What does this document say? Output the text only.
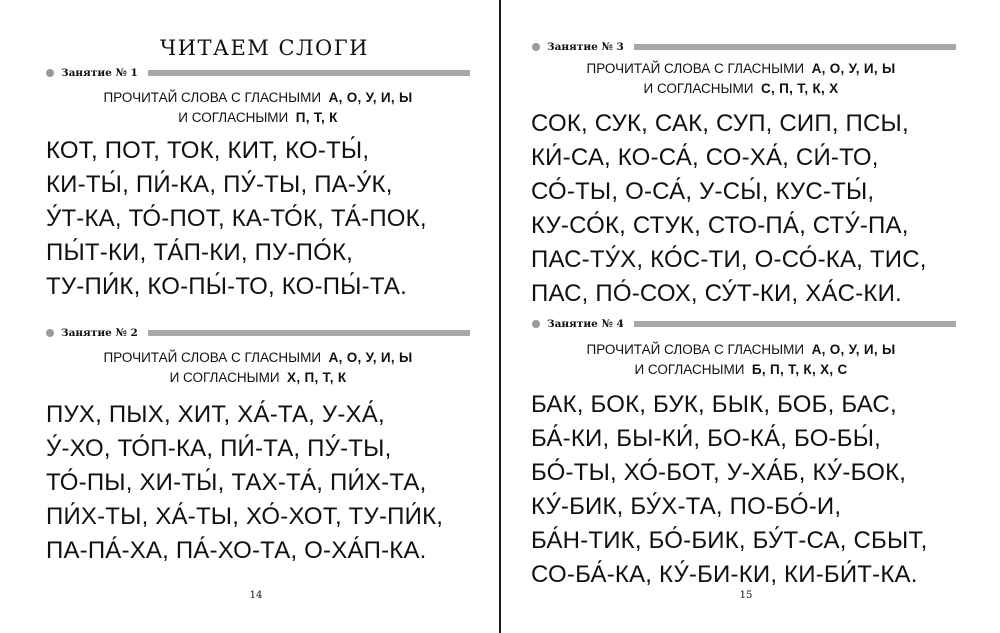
ЧИТАЕМ СЛОГИ
Занятие № 1
ПРОЧИТАЙ СЛОВА С ГЛАСНЫМИ А, О, У, И, Ы
И СОГЛАСНЫМИ П, Т, К
КОТ, ПОТ, ТОК, КИТ, КО-ТЫ́,
КИ-ТЫ́, ПИ́-КА, ПУ́-ТЫ, ПА-У́К,
У́Т-КА, ТО́-ПОТ, КА-ТО́К, ТА́-ПОК,
ПЫ́Т-КИ, ТА́П-КИ, ПУ-ПО́К,
ТУ-ПИ́К, КО-ПЫ́-ТО, КО-ПЫ́-ТА.
Занятие № 2
ПРОЧИТАЙ СЛОВА С ГЛАСНЫМИ А, О, У, И, Ы
И СОГЛАСНЫМИ Х, П, Т, К
ПУХ, ПЫХ, ХИТ, ХА́-ТА, У-ХА́,
У́-ХО, ТО́П-КА, ПИ́-ТА, ПУ́-ТЫ,
ТО́-ПЫ, ХИ-ТЫ́, ТАХ-ТА́, ПИ́Х-ТА,
ПИ́Х-ТЫ, ХА́-ТЫ, ХО́-ХОТ, ТУ-ПИ́К,
ПА-ПА́-ХА, ПА́-ХО-ТА, О-ХА́П-КА.
14
Занятие № 3
ПРОЧИТАЙ СЛОВА С ГЛАСНЫМИ А, О, У, И, Ы
И СОГЛАСНЫМИ С, П, Т, К, Х
СОК, СУК, САК, СУП, СИП, ПСЫ,
КИ́-СА, КО-СА́, СО-ХА́, СИ́-ТО,
СО́-ТЫ, О-СА́, У-СЫ́, КУС-ТЫ́,
КУ-СО́К, СТУК, СТО-ПА́, СТУ́-ПА,
ПАС-ТУ́Х, КО́С-ТИ, О-СО́-КА, ТИС,
ПАС, ПО́-СОХ, СУ́Т-КИ, ХА́С-КИ.
Занятие № 4
ПРОЧИТАЙ СЛОВА С ГЛАСНЫМИ А, О, У, И, Ы
И СОГЛАСНЫМИ Б, П, Т, К, Х, С
БАК, БОК, БУК, БЫК, БОБ, БАС,
БА́-КИ, БЫ-КИ́, БО-КА́, БО-БЫ́,
БО́-ТЫ, ХО́-БОТ, У-ХА́Б, КУ́-БОК,
КУ́-БИК, БУ́Х-ТА, ПО-БО́-И,
БА́Н-ТИК, БО́-БИК, БУ́Т-СА, СБЫТ,
СО-БА́-КА, КУ́-БИ-КИ, КИ-БИ́Т-КА.
15
